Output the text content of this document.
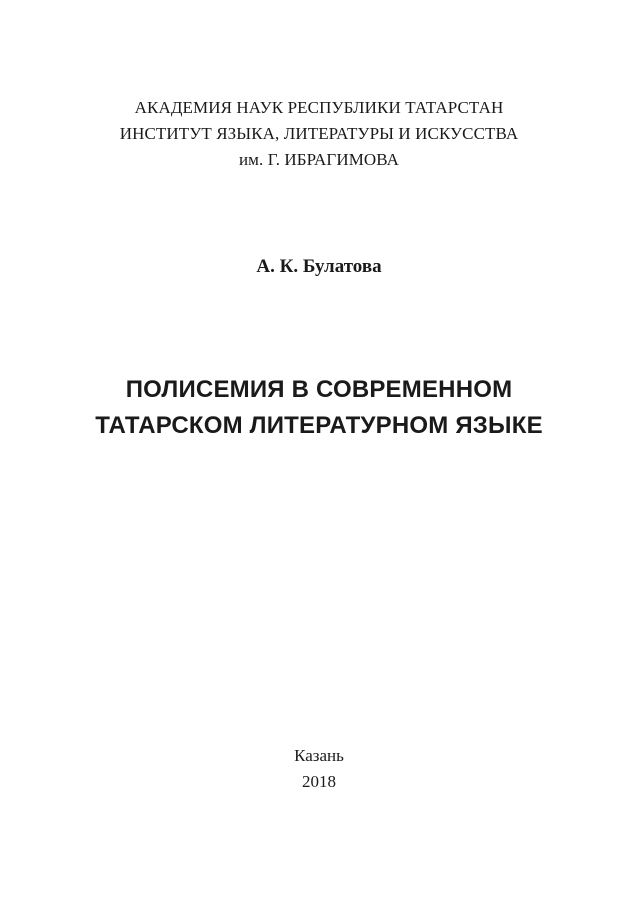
АКАДЕМИЯ НАУК РЕСПУБЛИКИ ТАТАРСТАН
ИНСТИТУТ ЯЗЫКА, ЛИТЕРАТУРЫ И ИСКУССТВА
им. Г. ИБРАГИМОВА
А. К. Булатова
ПОЛИСЕМИЯ В СОВРЕМЕННОМ
ТАТАРСКОМ ЛИТЕРАТУРНОМ ЯЗЫКЕ
Казань
2018
